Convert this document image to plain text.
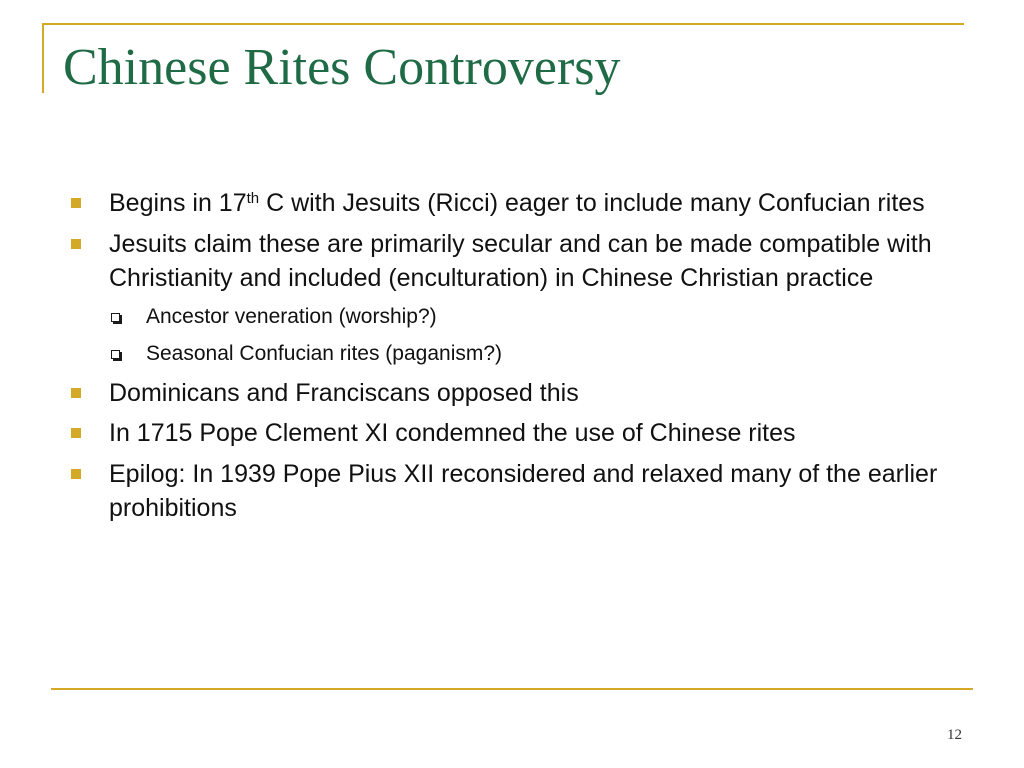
Chinese Rites Controversy
Begins in 17th C with Jesuits (Ricci) eager to include many Confucian rites
Jesuits claim these are primarily secular and can be made compatible with Christianity and included (enculturation) in Chinese Christian practice
Ancestor veneration (worship?)
Seasonal Confucian rites (paganism?)
Dominicans and Franciscans opposed this
In 1715 Pope Clement XI condemned the use of Chinese rites
Epilog: In 1939 Pope Pius XII reconsidered and relaxed many of the earlier prohibitions
12
